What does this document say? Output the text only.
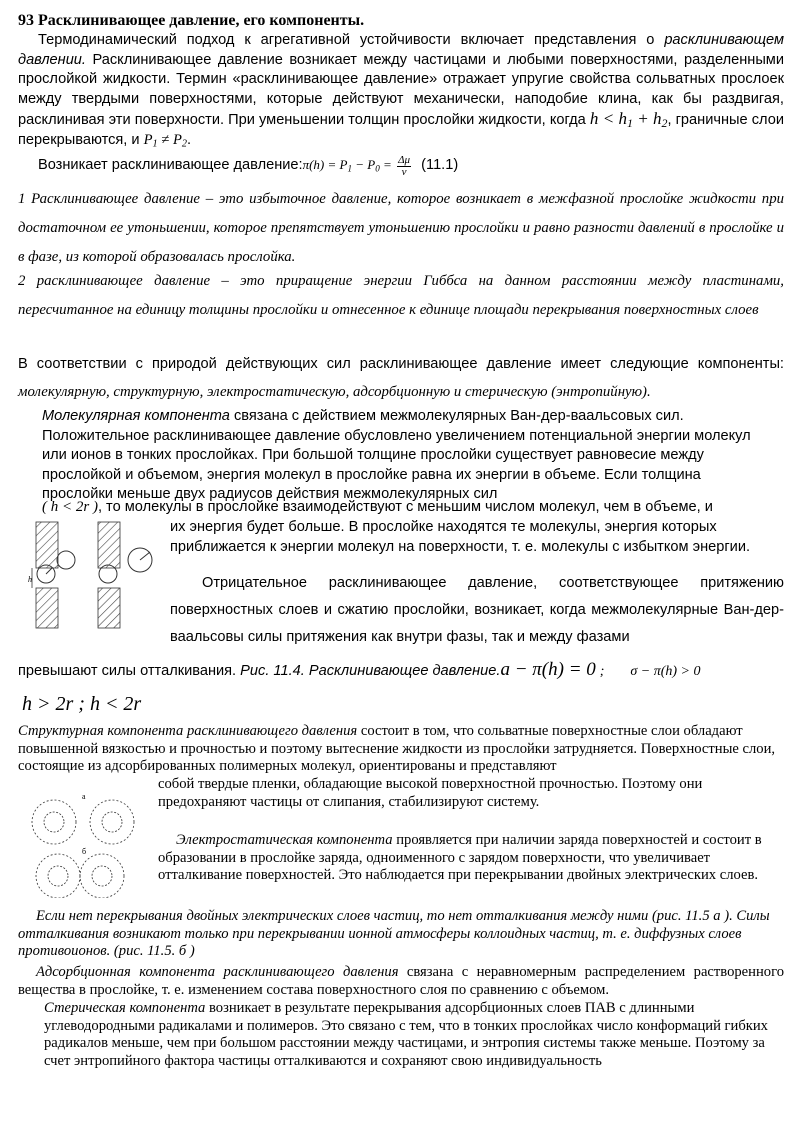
93 Расклинивающее давление, его компоненты.
Термодинамический подход к агрегативной устойчивости включает представления о расклинивающем давлении. Расклинивающее давление возникает между частицами и любыми поверхностями, разделенными прослойкой жидкости. Термин «расклинивающее давление» отражает упругие свойства сольватных прослоек между твердыми поверхностями, которые действуют механически, наподобие клина, как бы раздвигая, расклинивая эти поверхности. При уменьшении толщин прослойки жидкости, когда $h < h_1 + h_2$, граничные слои перекрываются, и $P_1 \ne P_2$.
Возникает расклинивающее давление:π(h) = $P_1 - P_0 = \frac{\Delta\mu}{v} (11.1)$
1 Расклинивающее давление – это избыточное давление, которое возникает в межфазной прослойке жидкости при достаточном ее утоньшении, которое препятствует утоньшению прослойки и равно разности давлений в прослойке и в фазе, из которой образовалась прослойка.
2 расклинивающее давление – это приращение энергии Гиббса на данном расстоянии между пластинами, пересчитанное на единицу толщины прослойки и отнесенное к единице площади перекрывания поверхностных слоев
В соответствии с природой действующих сил расклинивающее давление имеет следующие компоненты: молекулярную, структурную, электростатическую, адсорбционную и стерическую (энтропийную).
Молекулярная компонента связана с действием межмолекулярных Ван-дер-ваальсовых сил. Положительное расклинивающее давление обусловлено увеличением потенциальной энергии молекул или ионов в тонких прослойках. При большой толщине прослойки существует равновесие между прослойкой и объемом, энергия молекул в прослойке равна их энергии в объеме. Если толщина прослойки меньше двух радиусов действия межмолекулярных сил
( h < 2r ), то молекулы в прослойке взаимодействуют с меньшим числом молекул, чем в объеме, и
h
их энергия будет больше. В прослойке находятся те молекулы, энергия которых приближается к энергии молекул на поверхности, т. е. молекулы с избытком энергии.
Отрицательное расклинивающее давление, соответствующее притяжению поверхностных слоев и сжатию прослойки, возникает, когда межмолекулярные Ван-дер-ваальсовы силы притяжения как внутри фазы, так и между фазами
превышают силы отталкивания. Рис. 11.4. Расклинивающее давление.a − π(h) = 0 ; σ − π(h) > 0
h > 2r ; h < 2r
Структурная компонента расклинивающего давления состоит в том, что сольватные поверхностные слои обладают повышенной вязкостью и прочностью и поэтому вытеснение жидкости из прослойки затрудняется. Поверхностные слои, состоящие из адсорбированных полимерных молекул, ориентированы и представляют
а
б
собой твердые пленки, обладающие высокой поверхностной прочностью. Поэтому они предохраняют частицы от слипания, стабилизируют систему.
Электростатическая компонента проявляется при наличии заряда поверхностей и состоит в образовании в прослойке заряда, одноименного с зарядом поверхности, что увеличивает отталкивание поверхностей. Это наблюдается при перекрывании двойных электрических слоев.
Если нет перекрывания двойных электрических слоев частиц, то нет отталкивания между ними (рис. 11.5 а ). Силы отталкивания возникают только при перекрывании ионной атмосферы коллоидных частиц, т. е. диффузных слоев противоионов. (рис. 11.5. б )
Адсорбционная компонента расклинивающего давления связана с неравномерным распределением растворенного вещества в прослойке, т. е. изменением состава поверхностного слоя по сравнению с объемом.
Стерическая компонента возникает в результате перекрывания адсорбционных слоев ПАВ с длинными углеводородными радикалами и полимеров. Это связано с тем, что в тонких прослойках число конформаций гибких радикалов меньше, чем при большом расстоянии между частицами, и энтропия системы также меньше. Поэтому за счет энтропийного фактора частицы отталкиваются и сохраняют свою индивидуальность
